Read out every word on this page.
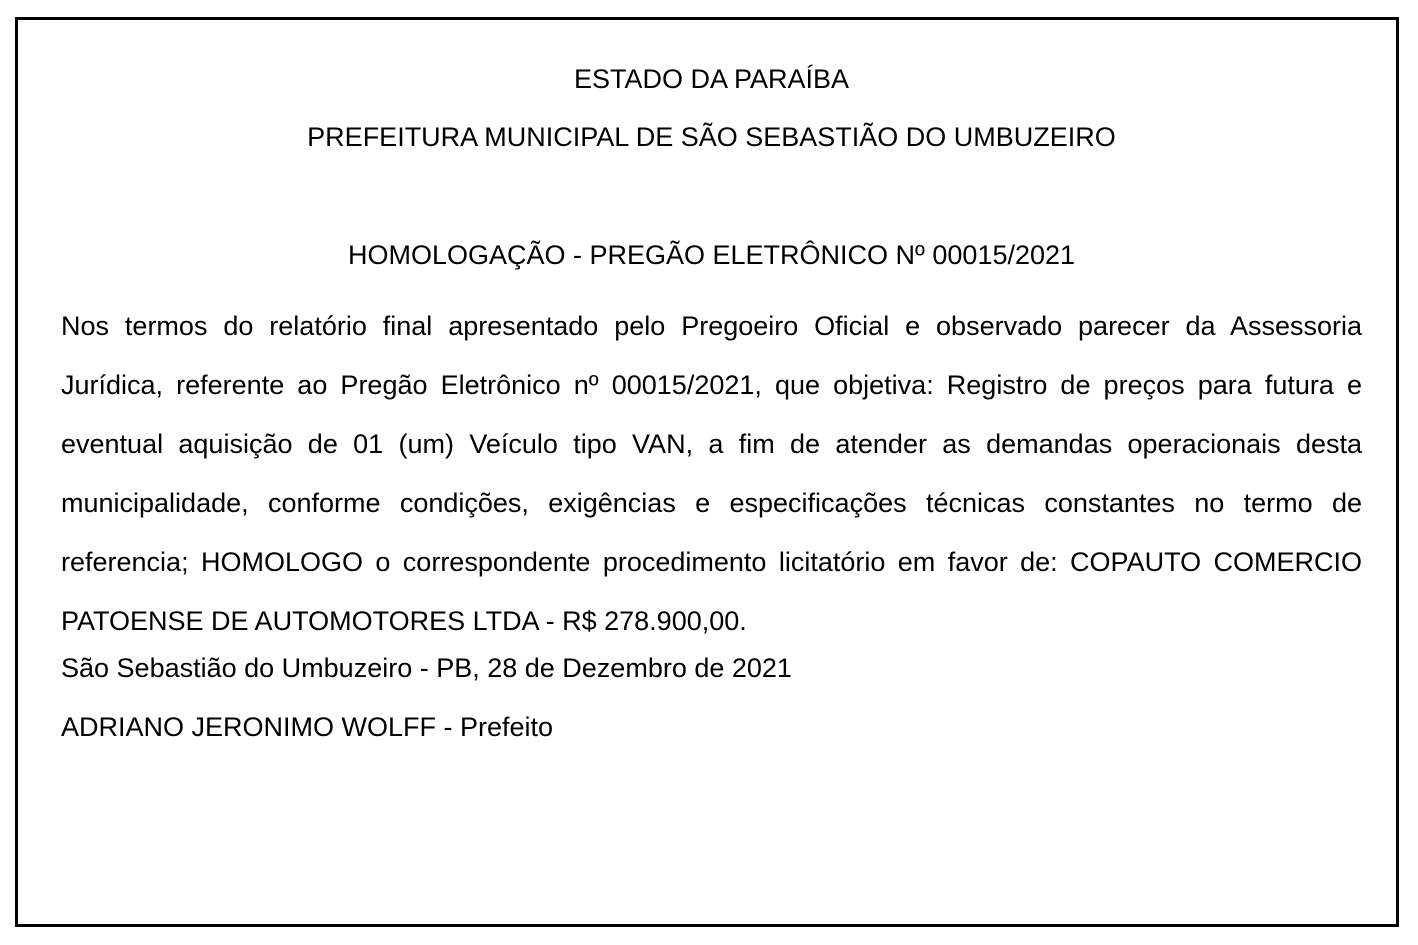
ESTADO DA PARAÍBA
PREFEITURA MUNICIPAL DE SÃO SEBASTIÃO DO UMBUZEIRO
HOMOLOGAÇÃO - PREGÃO ELETRÔNICO Nº 00015/2021
Nos termos do relatório final apresentado pelo Pregoeiro Oficial e observado parecer da Assessoria Jurídica, referente ao Pregão Eletrônico nº 00015/2021, que objetiva: Registro de preços para futura e eventual aquisição de 01 (um) Veículo tipo VAN, a fim de atender as demandas operacionais desta municipalidade, conforme condições, exigências e especificações técnicas constantes no termo de referencia; HOMOLOGO o correspondente procedimento licitatório em favor de: COPAUTO COMERCIO PATOENSE DE AUTOMOTORES LTDA - R$ 278.900,00.
São Sebastião do Umbuzeiro - PB, 28 de Dezembro de 2021
ADRIANO JERONIMO WOLFF - Prefeito
